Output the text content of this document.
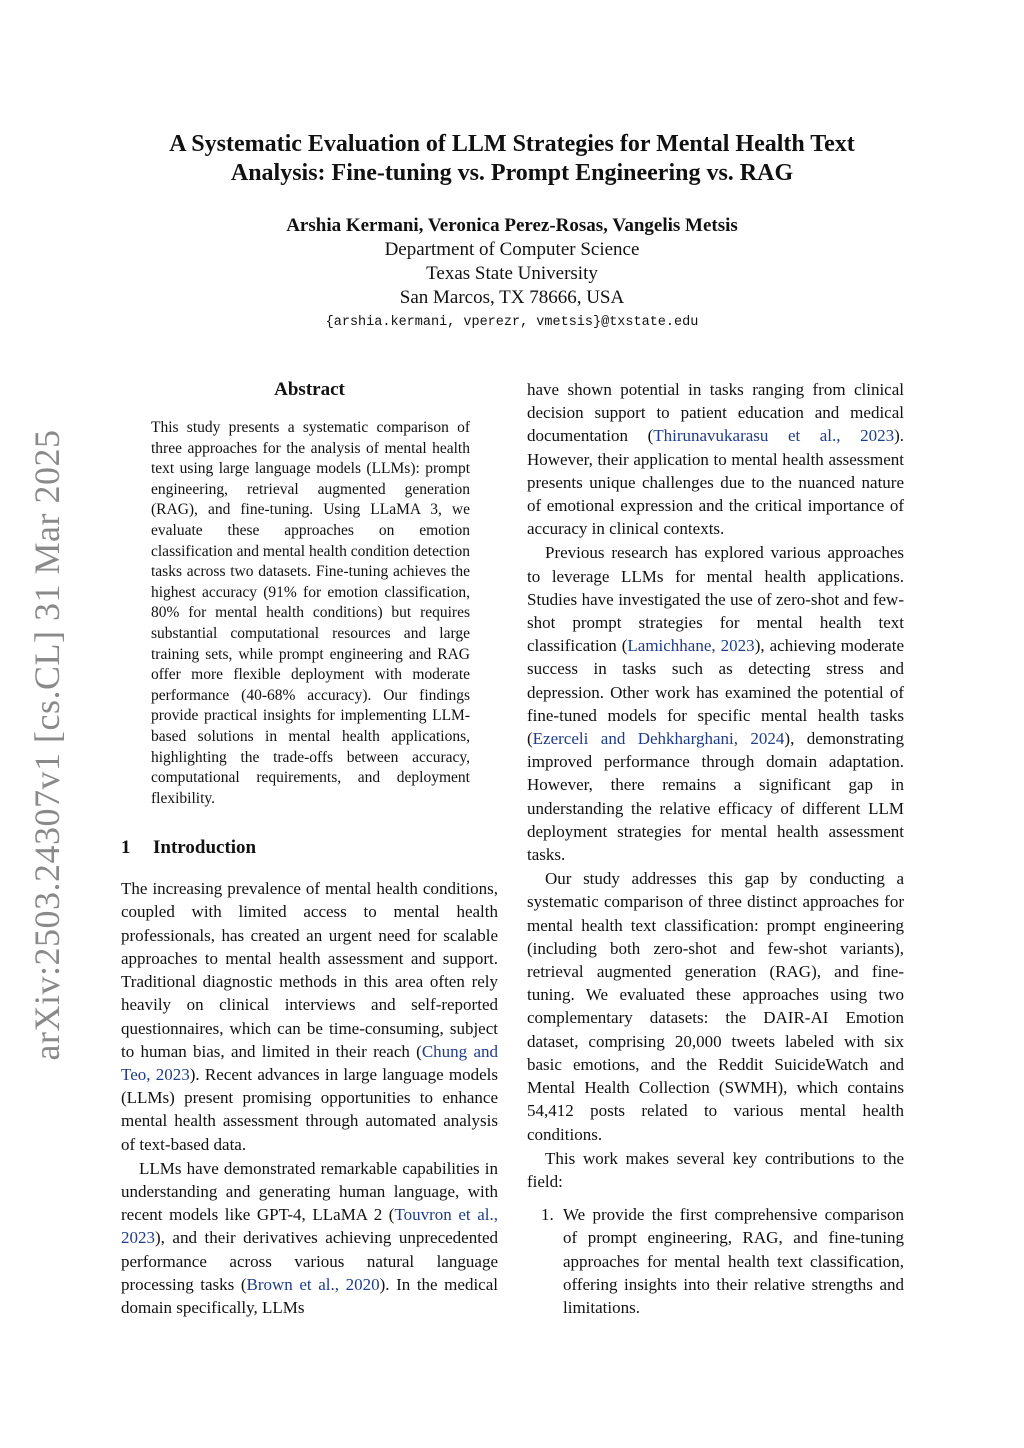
arXiv:2503.24307v1 [cs.CL] 31 Mar 2025
A Systematic Evaluation of LLM Strategies for Mental Health Text
Analysis: Fine-tuning vs. Prompt Engineering vs. RAG
Arshia Kermani, Veronica Perez-Rosas, Vangelis Metsis
Department of Computer Science
Texas State University
San Marcos, TX 78666, USA
{arshia.kermani, vperezr, vmetsis}@txstate.edu
Abstract

This study presents a systematic comparison of three approaches for the analysis of mental health text using large language models (LLMs): prompt engineering, retrieval augmented generation (RAG), and fine-tuning. Using LLaMA 3, we evaluate these approaches on emotion classification and mental health condition detection tasks across two datasets. Fine-tuning achieves the highest accuracy (91% for emotion classification, 80% for mental health conditions) but requires substantial computational resources and large training sets, while prompt engineering and RAG offer more flexible deployment with moderate performance (40-68% accuracy). Our findings provide practical insights for implementing LLM-based solutions in mental health applications, highlighting the trade-offs between accuracy, computational requirements, and deployment flexibility.

1 Introduction

The increasing prevalence of mental health conditions, coupled with limited access to mental health professionals, has created an urgent need for scalable approaches to mental health assessment and support. Traditional diagnostic methods in this area often rely heavily on clinical interviews and self-reported questionnaires, which can be time-consuming, subject to human bias, and limited in their reach (Chung and Teo, 2023). Recent advances in large language models (LLMs) present promising opportunities to enhance mental health assessment through automated analysis of text-based data.

LLMs have demonstrated remarkable capabilities in understanding and generating human language, with recent models like GPT-4, LLaMA 2 (Touvron et al., 2023), and their derivatives achieving unprecedented performance across various natural language processing tasks (Brown et al., 2020). In the medical domain specifically, LLMs

have shown potential in tasks ranging from clinical decision support to patient education and medical documentation (Thirunavukarasu et al., 2023). However, their application to mental health assessment presents unique challenges due to the nuanced nature of emotional expression and the critical importance of accuracy in clinical contexts.

Previous research has explored various approaches to leverage LLMs for mental health applications. Studies have investigated the use of zero-shot and few-shot prompt strategies for mental health text classification (Lamichhane, 2023), achieving moderate success in tasks such as detecting stress and depression. Other work has examined the potential of fine-tuned models for specific mental health tasks (Ezerceli and Dehkharghani, 2024), demonstrating improved performance through domain adaptation. However, there remains a significant gap in understanding the relative efficacy of different LLM deployment strategies for mental health assessment tasks.

Our study addresses this gap by conducting a systematic comparison of three distinct approaches for mental health text classification: prompt engineering (including both zero-shot and few-shot variants), retrieval augmented generation (RAG), and fine-tuning. We evaluated these approaches using two complementary datasets: the DAIR-AI Emotion dataset, comprising 20,000 tweets labeled with six basic emotions, and the Reddit SuicideWatch and Mental Health Collection (SWMH), which contains 54,412 posts related to various mental health conditions.

This work makes several key contributions to the field:

1. We provide the first comprehensive comparison of prompt engineering, RAG, and fine-tuning approaches for mental health text classification, offering insights into their relative strengths and limitations.
